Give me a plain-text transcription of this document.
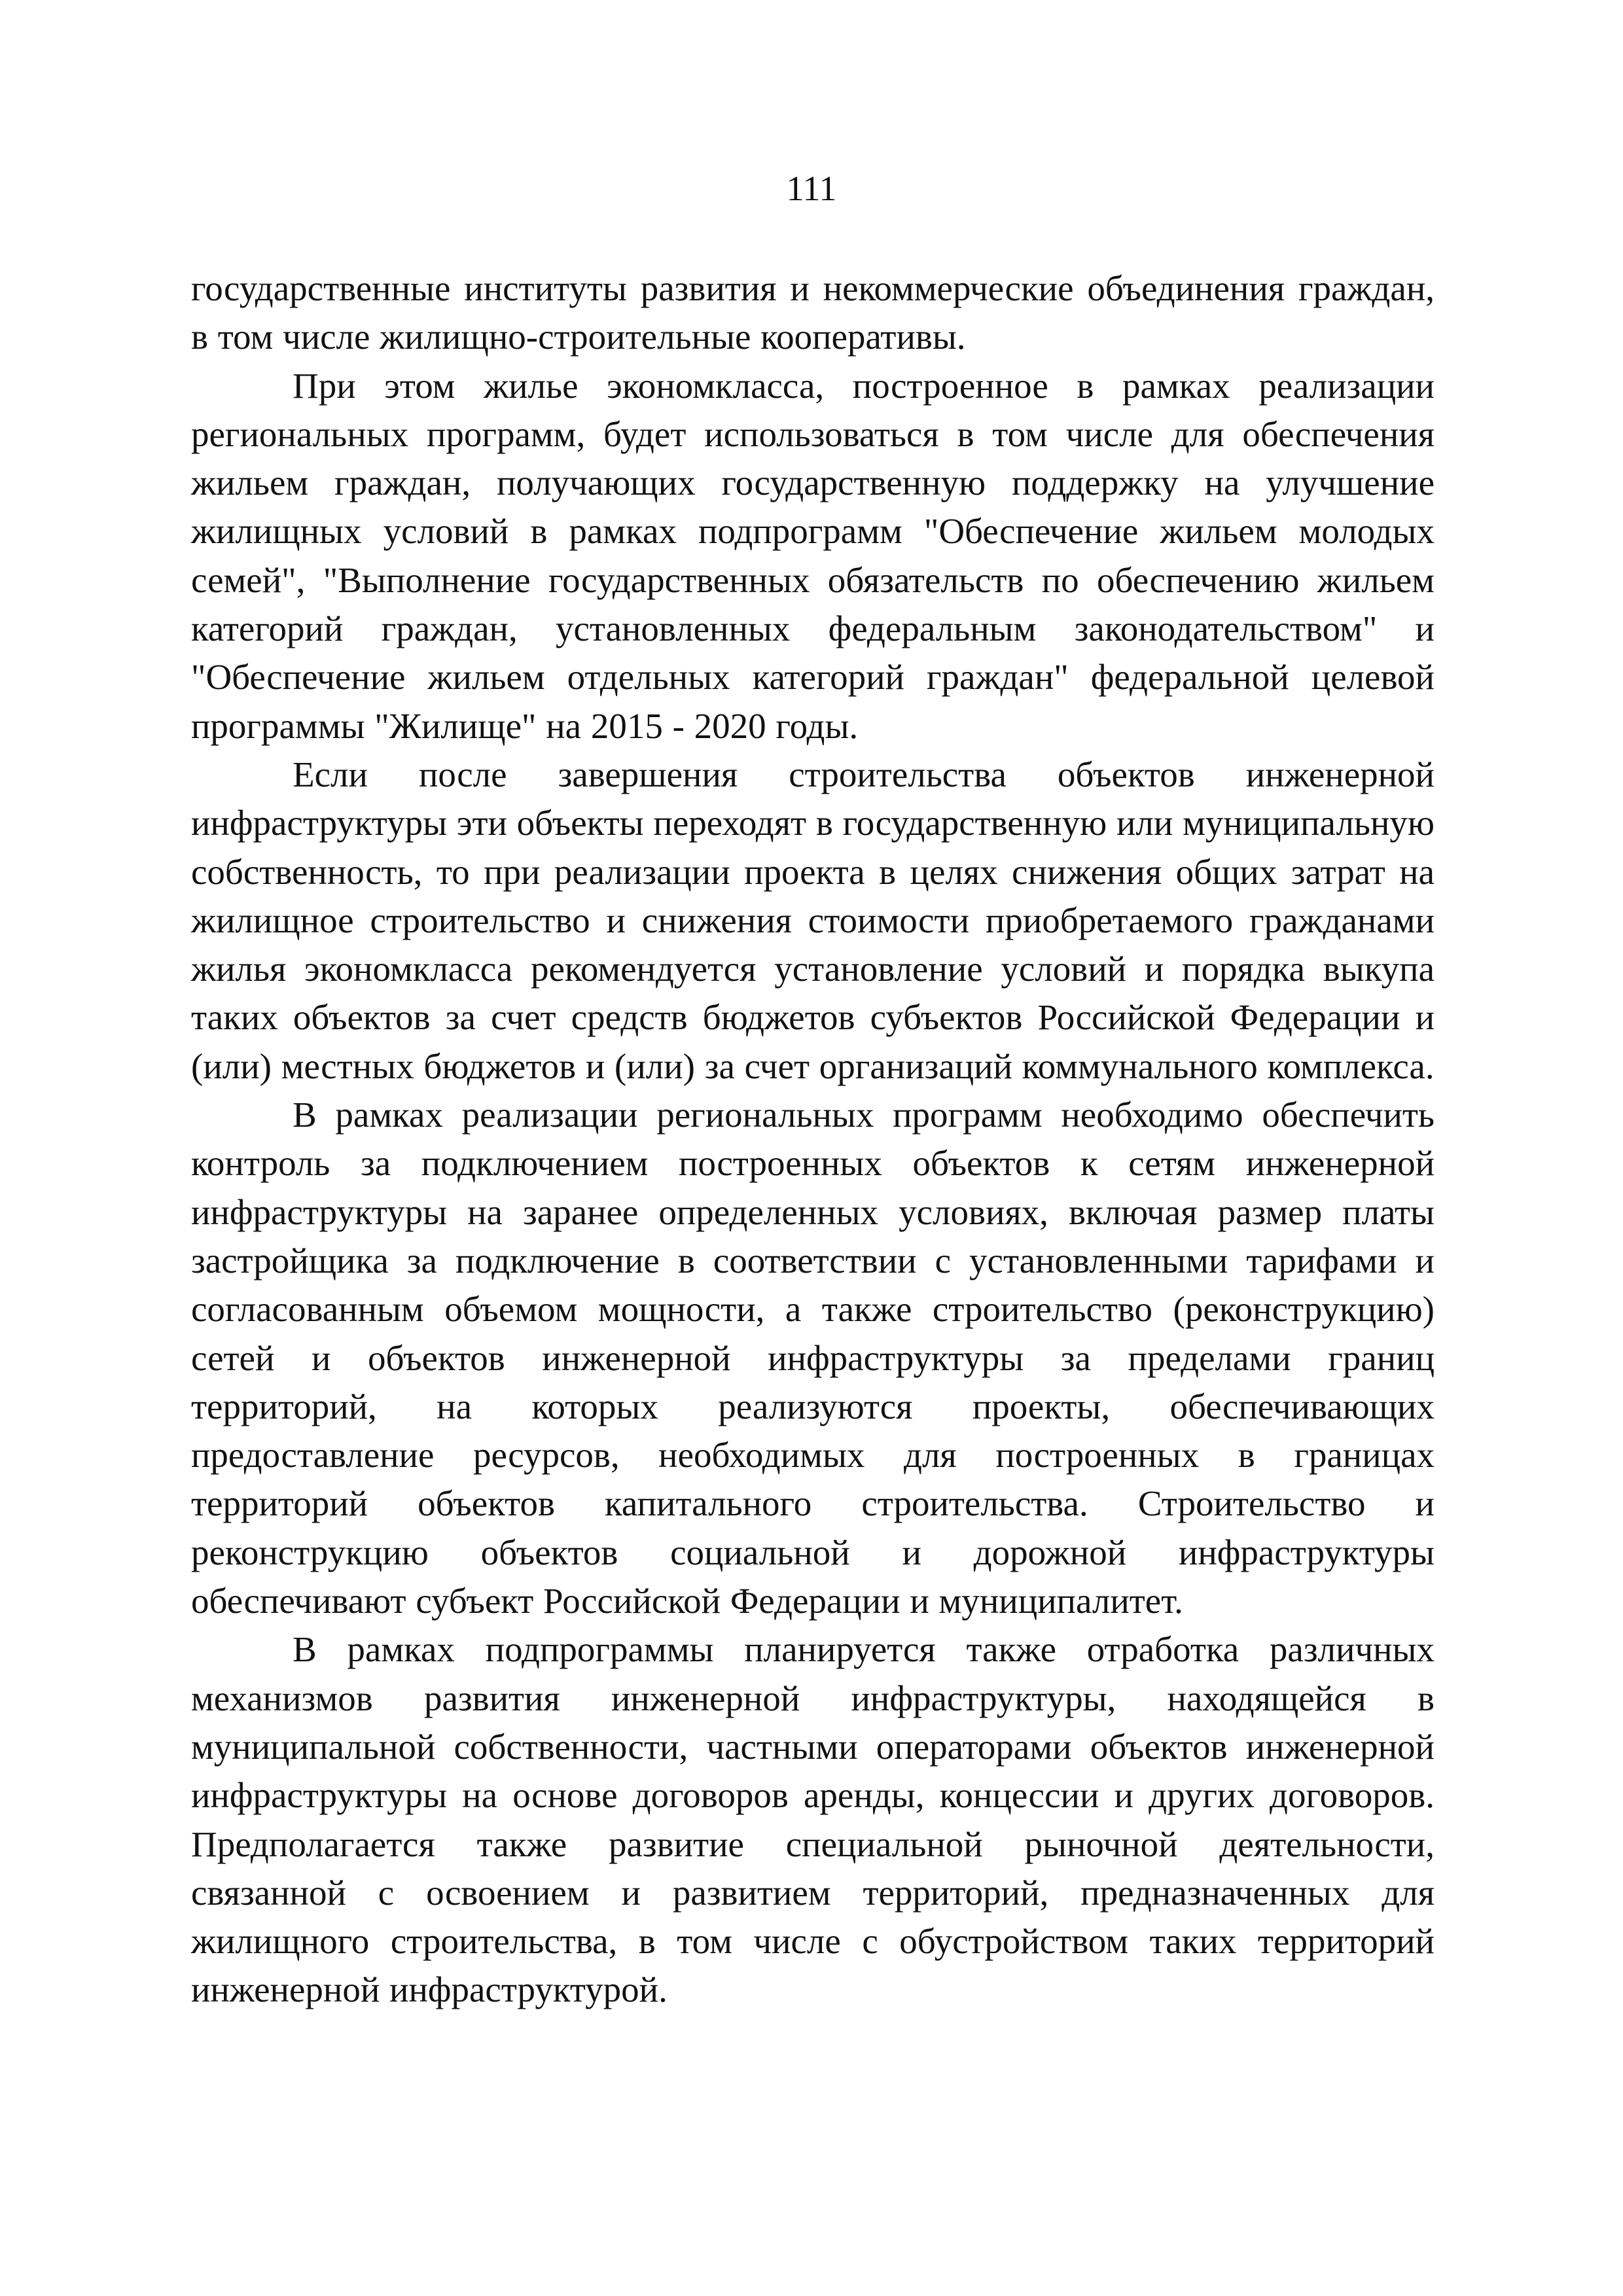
111

государственные институты развития и некоммерческие объединения граждан, в том числе жилищно-строительные кооперативы.

При этом жилье экономкласса, построенное в рамках реализации региональных программ, будет использоваться в том числе для обеспечения жильем граждан, получающих государственную поддержку на улучшение жилищных условий в рамках подпрограмм "Обеспечение жильем молодых семей", "Выполнение государственных обязательств по обеспечению жильем категорий граждан, установленных федеральным законодательством" и "Обеспечение жильем отдельных категорий граждан" федеральной целевой программы "Жилище" на 2015 - 2020 годы.

Если после завершения строительства объектов инженерной инфраструктуры эти объекты переходят в государственную или муниципальную собственность, то при реализации проекта в целях снижения общих затрат на жилищное строительство и снижения стоимости приобретаемого гражданами жилья экономкласса рекомендуется установление условий и порядка выкупа таких объектов за счет средств бюджетов субъектов Российской Федерации и (или) местных бюджетов и (или) за счет организаций коммунального комплекса.

В рамках реализации региональных программ необходимо обеспечить контроль за подключением построенных объектов к сетям инженерной инфраструктуры на заранее определенных условиях, включая размер платы застройщика за подключение в соответствии с установленными тарифами и согласованным объемом мощности, а также строительство (реконструкцию) сетей и объектов инженерной инфраструктуры за пределами границ территорий, на которых реализуются проекты, обеспечивающих предоставление ресурсов, необходимых для построенных в границах территорий объектов капитального строительства. Строительство и реконструкцию объектов социальной и дорожной инфраструктуры обеспечивают субъект Российской Федерации и муниципалитет.

В рамках подпрограммы планируется также отработка различных механизмов развития инженерной инфраструктуры, находящейся в муниципальной собственности, частными операторами объектов инженерной инфраструктуры на основе договоров аренды, концессии и других договоров. Предполагается также развитие специальной рыночной деятельности, связанной с освоением и развитием территорий, предназначенных для жилищного строительства, в том числе с обустройством таких территорий инженерной инфраструктурой.
